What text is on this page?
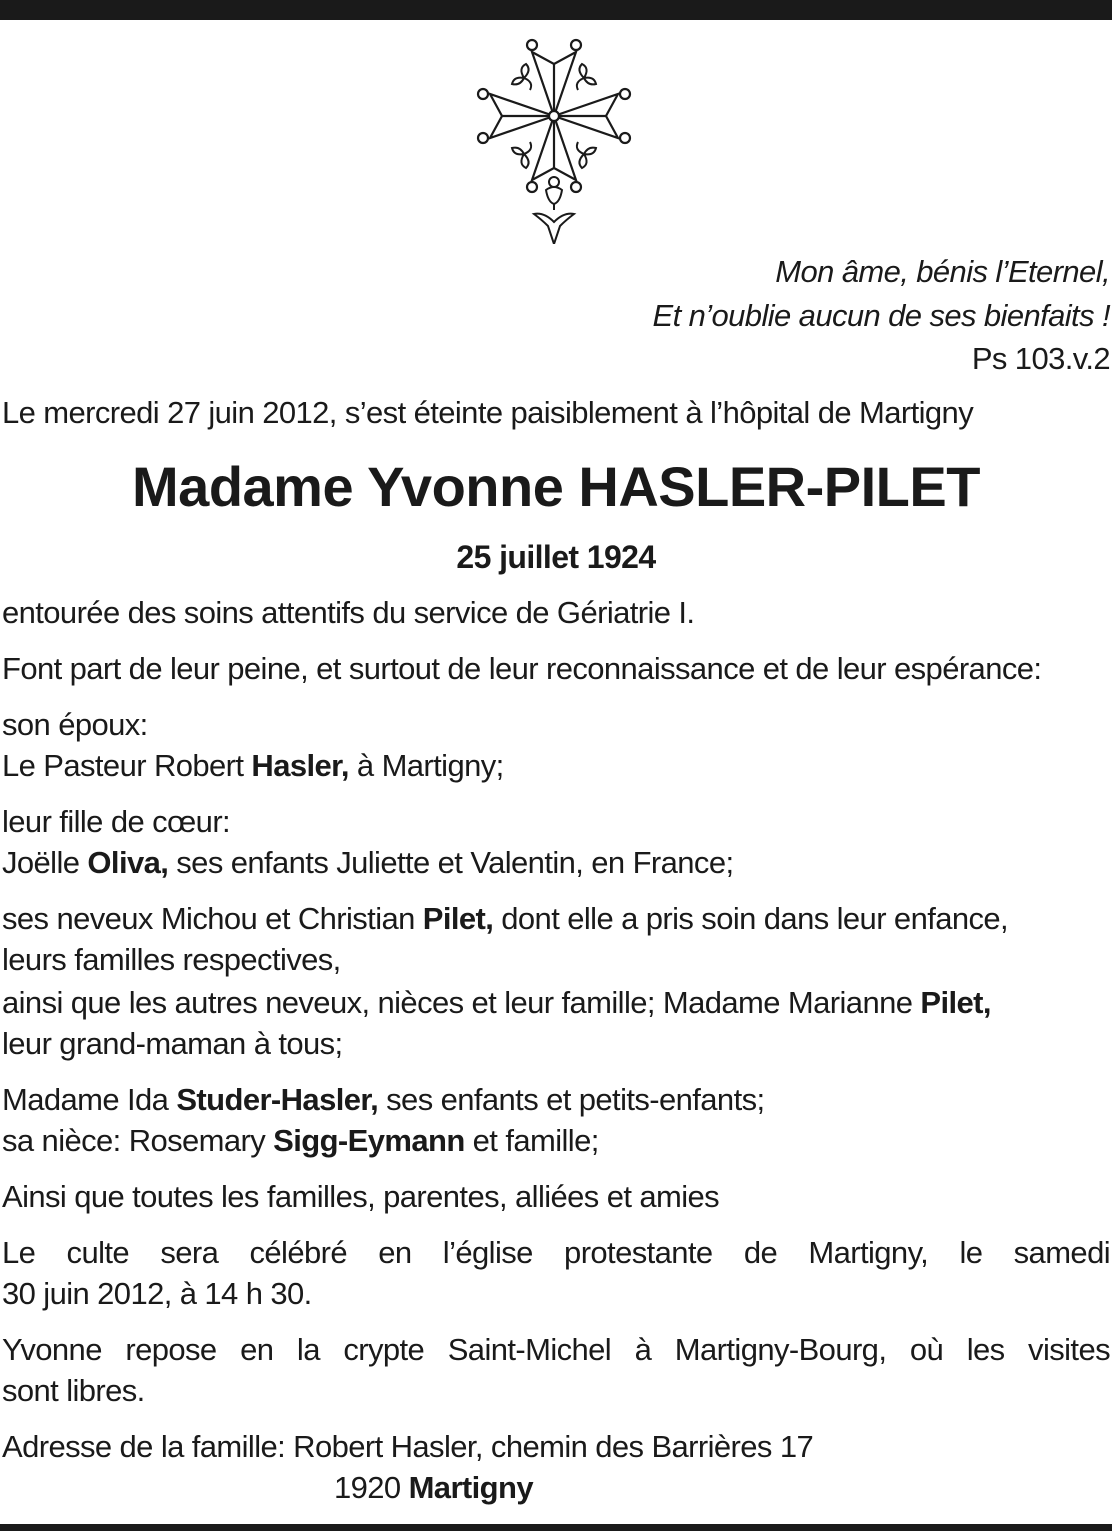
Mon âme, bénis l’Eternel,
Et n’oublie aucun de ses bienfaits !
Ps 103.v.2
Le mercredi 27 juin 2012, s’est éteinte paisiblement à l’hôpital de Martigny
Madame Yvonne HASLER-PILET
25 juillet 1924
entourée des soins attentifs du service de Gériatrie I.
Font part de leur peine, et surtout de leur reconnaissance et de leur espérance:
son époux:
Le Pasteur Robert Hasler, à Martigny;
leur fille de cœur:
Joëlle Oliva, ses enfants Juliette et Valentin, en France;
ses neveux Michou et Christian Pilet, dont elle a pris soin dans leur enfance,
leurs familles respectives,
ainsi que les autres neveux, nièces et leur famille; Madame Marianne Pilet,
leur grand-maman à tous;
Madame Ida Studer-Hasler, ses enfants et petits-enfants;
sa nièce: Rosemary Sigg-Eymann et famille;
Ainsi que toutes les familles, parentes, alliées et amies
Le culte sera célébré en l’église protestante de Martigny, le samedi
30 juin 2012, à 14 h 30.
Yvonne repose en la crypte Saint-Michel à Martigny-Bourg, où les visites
sont libres.
Adresse de la famille: Robert Hasler, chemin des Barrières 17
1920 Martigny
